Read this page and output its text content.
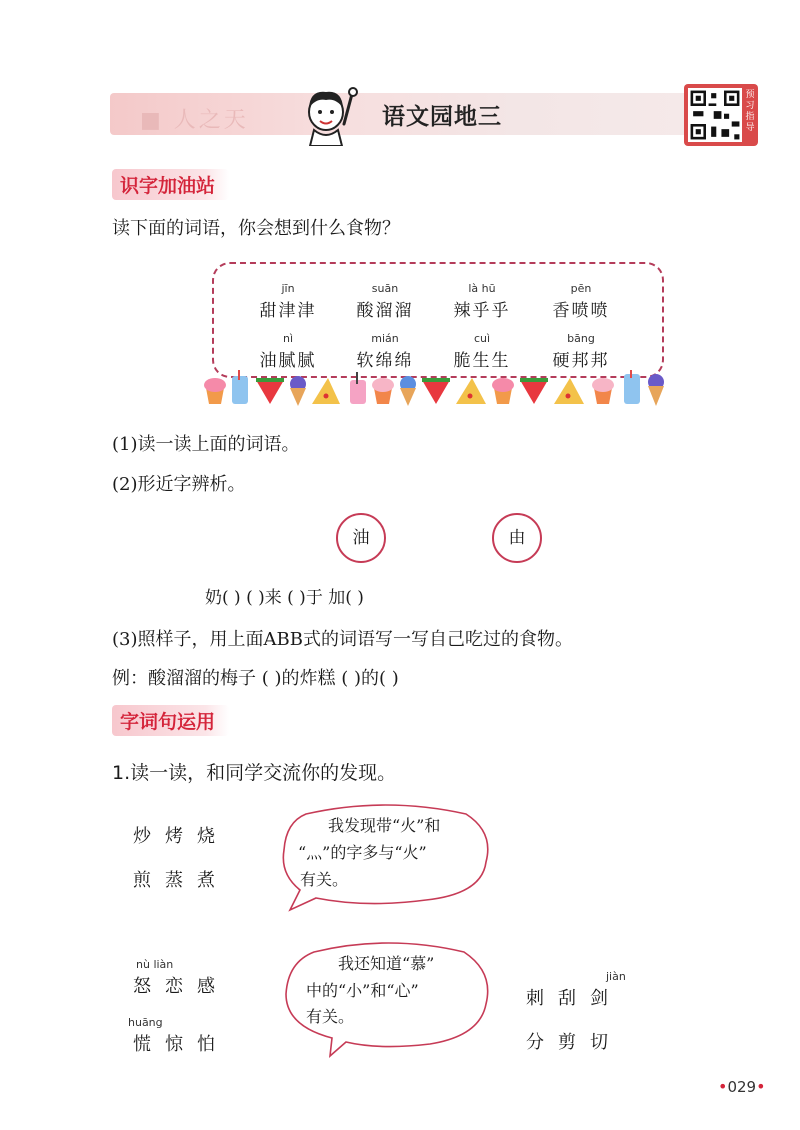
■ 人之天	语文园地三
预习指导
识字加油站
读下面的词语，你会想到什么食物？
jīn
甜津津
suān
酸溜溜
là hū
辣乎乎
pēn
香喷喷
nì
油腻腻
mián
软绵绵
cuì
脆生生
bāng
硬邦邦
(1)读一读上面的词语。
(2)形近字辨析。
油	由
奶( ) ( )来 ( )于 加( )
(3)照样子，用上面ABB式的词语写一写自己吃过的食物。
例：酸溜溜的梅子 ( )的炸糕 ( )的( )
字词句运用
1.读一读，和同学交流你的发现。
炒烤烧
煎蒸煮
我发现带“火”和
“灬”的字多与“火”
有关。
nù liàn
怒恋感
huāng
慌惊怕
我还知道“慕”
中的“小”和“心”
有关。
jiàn
刺刮剑
分剪切
•029•
